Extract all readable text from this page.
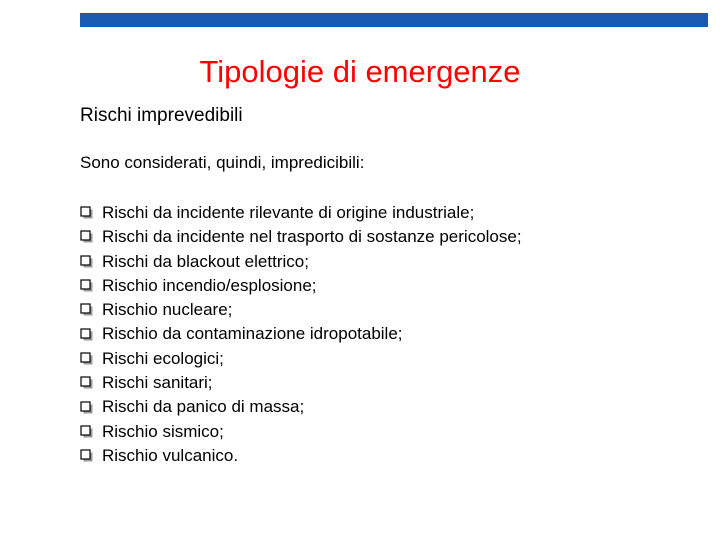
Tipologie di emergenze
Rischi imprevedibili
Sono considerati, quindi, impredicibili:
Rischi da incidente rilevante di origine industriale;
Rischi da incidente nel trasporto di sostanze pericolose;
Rischi da blackout elettrico;
Rischio incendio/esplosione;
Rischio nucleare;
Rischio da contaminazione idropotabile;
Rischi ecologici;
Rischi sanitari;
Rischi da panico di massa;
Rischio sismico;
Rischio vulcanico.
